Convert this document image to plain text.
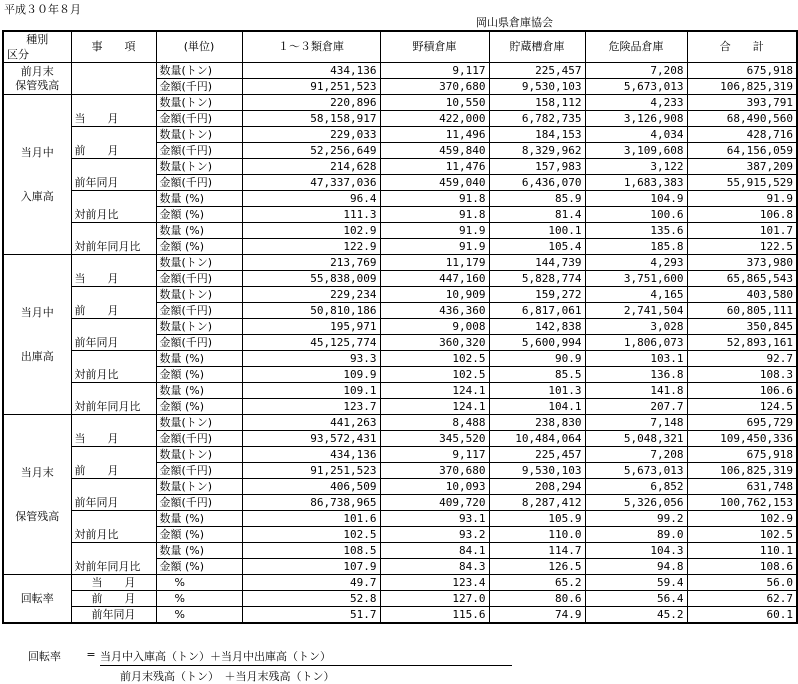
平成３０年８月
岡山県倉庫協会
種別
区分	事　　項	(単位)	１～３類倉庫	野積倉庫	貯蔵槽倉庫	危険品倉庫	合　　計

前月末
保管残高		数量(トン)	434,136	9,117	225,457	7,208	675,918
		金額(千円)	91,251,523	370,680	9,530,103	5,673,013	106,825,319

当月中
入庫高	当　　月	数量(トン)	220,896	10,550	158,112	4,233	393,791
		金額(千円)	58,158,917	422,000	6,782,735	3,126,908	68,490,560
	前　　月	数量(トン)	229,033	11,496	184,153	4,034	428,716
		金額(千円)	52,256,649	459,840	8,329,962	3,109,608	64,156,059
	前年同月	数量(トン)	214,628	11,476	157,983	3,122	387,209
		金額(千円)	47,337,036	459,040	6,436,070	1,683,383	55,915,529
	対前月比	数量 (%)	96.4	91.8	85.9	104.9	91.9
		金額 (%)	111.3	91.8	81.4	100.6	106.8
	対前年同月比	数量 (%)	102.9	91.9	100.1	135.6	101.7
		金額 (%)	122.9	91.9	105.4	185.8	122.5

当月中
出庫高	当　　月	数量(トン)	213,769	11,179	144,739	4,293	373,980
		金額(千円)	55,838,009	447,160	5,828,774	3,751,600	65,865,543
	前　　月	数量(トン)	229,234	10,909	159,272	4,165	403,580
		金額(千円)	50,810,186	436,360	6,817,061	2,741,504	60,805,111
	前年同月	数量(トン)	195,971	9,008	142,838	3,028	350,845
		金額(千円)	45,125,774	360,320	5,600,994	1,806,073	52,893,161
	対前月比	数量 (%)	93.3	102.5	90.9	103.1	92.7
		金額 (%)	109.9	102.5	85.5	136.8	108.3
	対前年同月比	数量 (%)	109.1	124.1	101.3	141.8	106.6
		金額 (%)	123.7	124.1	104.1	207.7	124.5

当月末
保管残高	当　　月	数量(トン)	441,263	8,488	238,830	7,148	695,729
		金額(千円)	93,572,431	345,520	10,484,064	5,048,321	109,450,336
	前　　月	数量(トン)	434,136	9,117	225,457	7,208	675,918
		金額(千円)	91,251,523	370,680	9,530,103	5,673,013	106,825,319
	前年同月	数量(トン)	406,509	10,093	208,294	6,852	631,748
		金額(千円)	86,738,965	409,720	8,287,412	5,326,056	100,762,153
	対前月比	数量 (%)	101.6	93.1	105.9	99.2	102.9
		金額 (%)	102.5	93.2	110.0	89.0	102.5
	対前年同月比	数量 (%)	108.5	84.1	114.7	104.3	110.1
		金額 (%)	107.9	84.3	126.5	94.8	108.6
回転率	当　　月	%	49.7	123.4	65.2	59.4	56.0
	前　　月	%	52.8	127.0	80.6	56.4	62.7
	前年同月	%	51.7	115.6	74.9	45.2	60.1
回転率	= 当月中入庫高（トン）＋当月中出庫高（トン）
前月末残高（トン）　＋当月末残高（トン）
